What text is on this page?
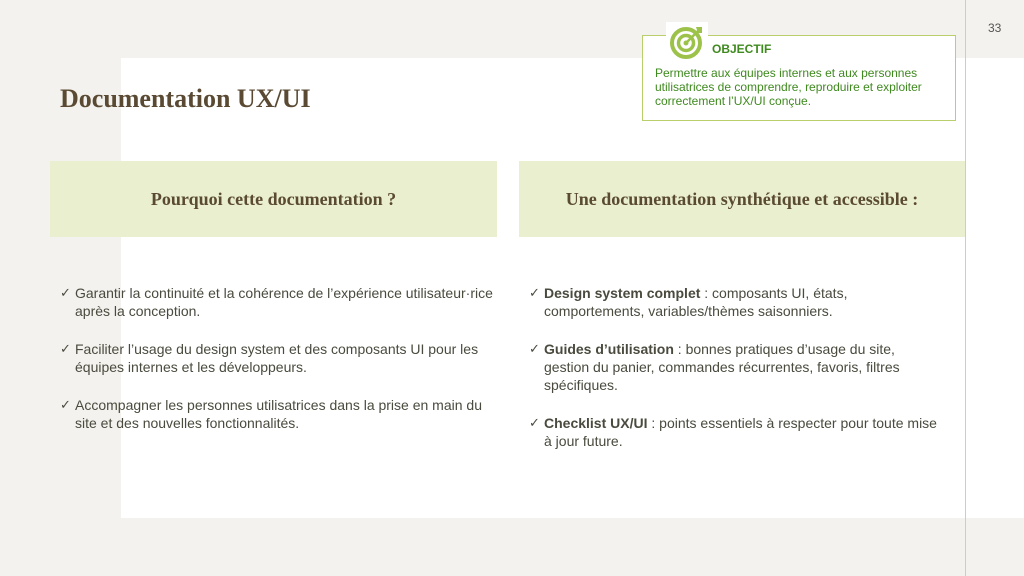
33
Documentation UX/UI
OBJECTIF
Permettre aux équipes internes et aux personnes utilisatrices de comprendre, reproduire et exploiter correctement l’UX/UI conçue.
Pourquoi cette documentation ?	Une documentation synthétique et accessible :
✓ Garantir la continuité et la cohérence de l’expérience utilisateur·rice après la conception.
✓ Faciliter l’usage du design system et des composants UI pour les équipes internes et les développeurs.
✓ Accompagner les personnes utilisatrices dans la prise en main du site et des nouvelles fonctionnalités.
✓ Design system complet : composants UI, états, comportements, variables/thèmes saisonniers.
✓ Guides d’utilisation : bonnes pratiques d’usage du site, gestion du panier, commandes récurrentes, favoris, filtres spécifiques.
✓ Checklist UX/UI : points essentiels à respecter pour toute mise à jour future.
